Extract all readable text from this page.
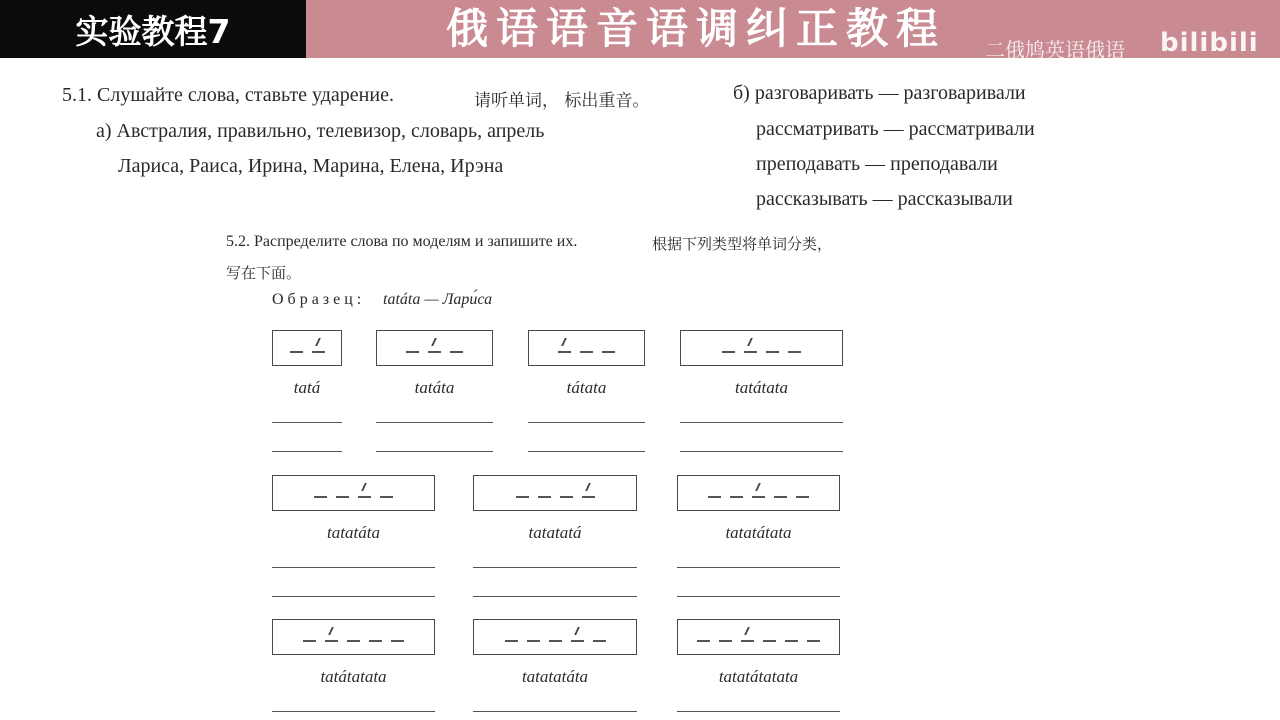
实验教程7	俄语语音语调纠正教程 二俄鸠英语俄语 bilibili
5.1. Слушайте слова, ставьте ударение.	请听单词， 标出重音。
а) Австралия, правильно, телевизор, словарь, апрель
Лариса, Раиса, Ирина, Марина, Елена, Ирэна
б) разговаривать — разговаривали
рассматривать — рассматривали
преподавать — преподавали
рассказывать — рассказывали
5.2. Распределите слова по моделям и запишите их.	根据下列类型将单词分类，
写在下面。
О б р а з е ц : tatáta — Лари́са
tatá	tatáta	tátata	tatátata
tatatáta	tatatatá	tatatátata
tatátatata	tatatatáta	tatatátatata
